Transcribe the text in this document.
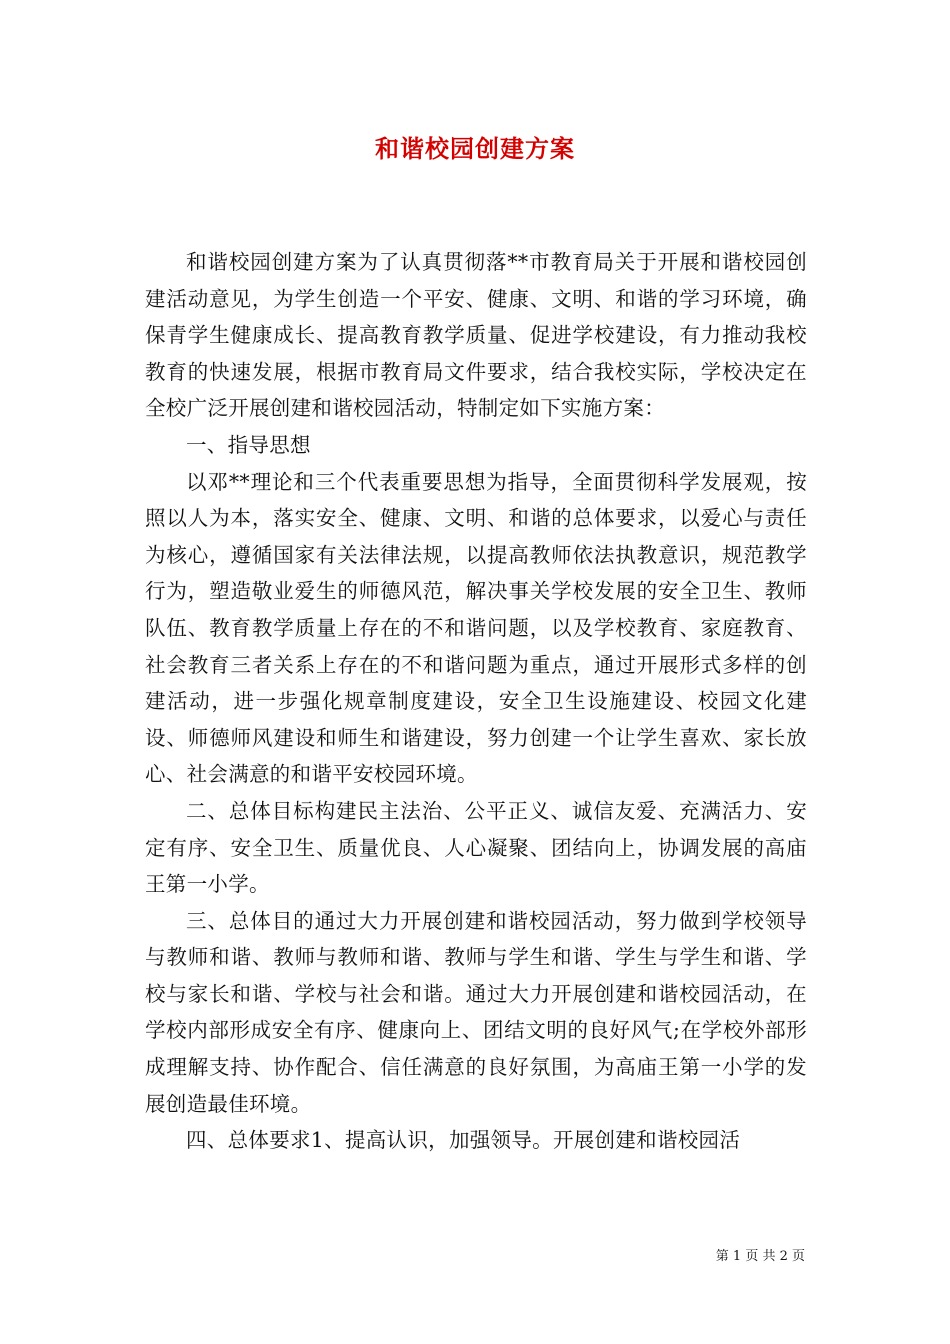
和谐校园创建方案

和谐校园创建方案为了认真贯彻落**市教育局关于开展和谐校园创建活动意见，为学生创造一个平安、健康、文明、和谐的学习环境，确保青学生健康成长、提高教育教学质量、促进学校建设，有力推动我校教育的快速发展，根据市教育局文件要求，结合我校实际，学校决定在全校广泛开展创建和谐校园活动，特制定如下实施方案：

一、指导思想

以邓**理论和三个代表重要思想为指导，全面贯彻科学发展观，按照以人为本，落实安全、健康、文明、和谐的总体要求，以爱心与责任为核心，遵循国家有关法律法规，以提高教师依法执教意识，规范教学行为，塑造敬业爱生的师德风范，解决事关学校发展的安全卫生、教师队伍、教育教学质量上存在的不和谐问题，以及学校教育、家庭教育、社会教育三者关系上存在的不和谐问题为重点，通过开展形式多样的创建活动，进一步强化规章制度建设，安全卫生设施建设、校园文化建设、师德师风建设和师生和谐建设，努力创建一个让学生喜欢、家长放心、社会满意的和谐平安校园环境。

二、总体目标构建民主法治、公平正义、诚信友爱、充满活力、安定有序、安全卫生、质量优良、人心凝聚、团结向上，协调发展的高庙王第一小学。

三、总体目的通过大力开展创建和谐校园活动，努力做到学校领导与教师和谐、教师与教师和谐、教师与学生和谐、学生与学生和谐、学校与家长和谐、学校与社会和谐。通过大力开展创建和谐校园活动，在学校内部形成安全有序、健康向上、团结文明的良好风气;在学校外部形成理解支持、协作配合、信任满意的良好氛围，为高庙王第一小学的发展创造最佳环境。

四、总体要求1、提高认识，加强领导。开展创建和谐校园活

第 1 页 共 2 页
